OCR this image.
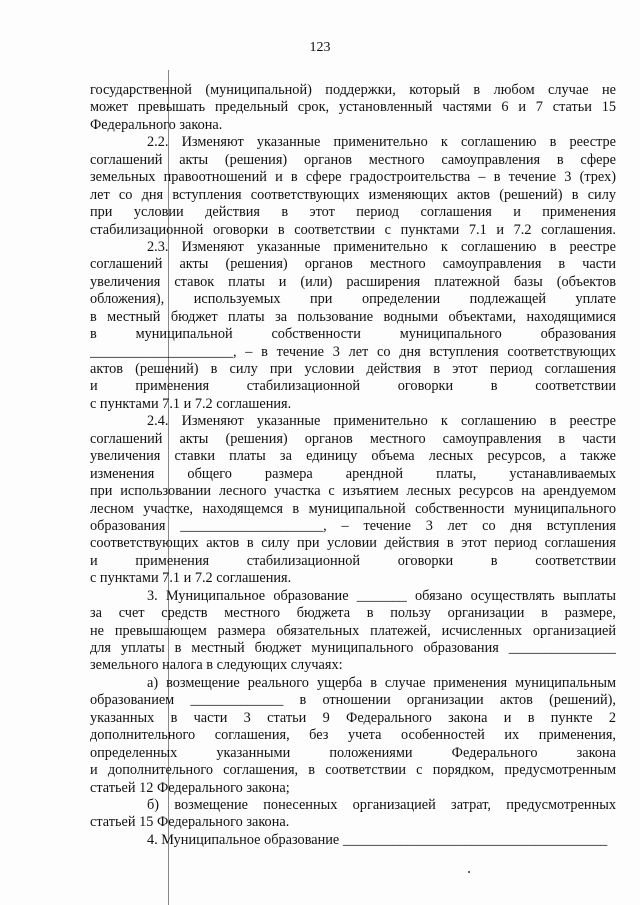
123
государственной (муниципальной) поддержки, который в любом случае не
может превышать предельный срок, установленный частями 6 и 7 статьи 15
Федерального закона.
2.2. Изменяют указанные применительно к соглашению в реестре
соглашений акты (решения) органов местного самоуправления в сфере
земельных правоотношений и в сфере градостроительства – в течение 3 (трех)
лет со дня вступления соответствующих изменяющих актов (решений) в силу
при условии действия в этот период соглашения и применения
стабилизационной оговорки в соответствии с пунктами 7.1 и 7.2 соглашения.
2.3. Изменяют указанные применительно к соглашению в реестре
соглашений акты (решения) органов местного самоуправления в части
увеличения ставок платы и (или) расширения платежной базы (объектов
обложения), используемых при определении подлежащей уплате
в местный бюджет платы за пользование водными объектами, находящимися
в муниципальной собственности муниципального образования
____________________, – в течение 3 лет со дня вступления соответствующих
актов (решений) в силу при условии действия в этот период соглашения
и применения стабилизационной оговорки в соответствии
с пунктами 7.1 и 7.2 соглашения.
2.4. Изменяют указанные применительно к соглашению в реестре
соглашений акты (решения) органов местного самоуправления в части
увеличения ставки платы за единицу объема лесных ресурсов, а также
изменения общего размера арендной платы, устанавливаемых
при использовании лесного участка с изъятием лесных ресурсов на арендуемом
лесном участке, находящемся в муниципальной собственности муниципального
образования ____________________, – течение 3 лет со дня вступления
соответствующих актов в силу при условии действия в этот период соглашения
и применения стабилизационной оговорки в соответствии
с пунктами 7.1 и 7.2 соглашения.
3. Муниципальное образование _______ обязано осуществлять выплаты
за счет средств местного бюджета в пользу организации в размере,
не превышающем размера обязательных платежей, исчисленных организацией
для уплаты в местный бюджет муниципального образования _______________
земельного налога в следующих случаях:
а) возмещение реального ущерба в случае применения муниципальным
образованием _____________ в отношении организации актов (решений),
указанных в части 3 статьи 9 Федерального закона и в пункте 2
дополнительного соглашения, без учета особенностей их применения,
определенных указанными положениями Федерального закона
и дополнительного соглашения, в соответствии с порядком, предусмотренным
статьей 12 Федерального закона;
б) возмещение понесенных организацией затрат, предусмотренных
статьей 15 Федерального закона.
4. Муниципальное образование _____________________________________
